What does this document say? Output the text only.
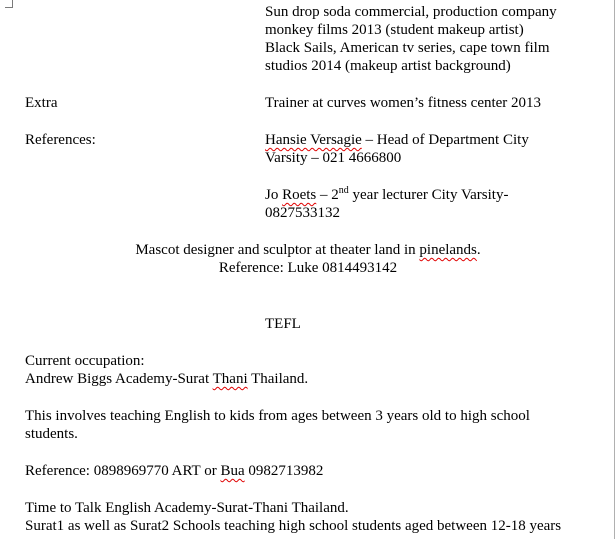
Sun drop soda commercial, production company
monkey films 2013 (student makeup artist)
Black Sails, American tv series, cape town film
studios 2014 (makeup artist background)
Extra	Trainer at curves women’s fitness center 2013
References:	Hansie Versagie – Head of Department City
Varsity – 021 4666800
Jo Roets – 2nd year lecturer City Varsity-
0827533132
Mascot designer and sculptor at theater land in pinelands.
Reference: Luke 0814493142
TEFL
Current occupation:
Andrew Biggs Academy-Surat Thani Thailand.
This involves teaching English to kids from ages between 3 years old to high school
students.
Reference: 0898969770 ART or Bua 0982713982
Time to Talk English Academy-Surat-Thani Thailand.
Surat1 as well as Surat2 Schools teaching high school students aged between 12-18 years
